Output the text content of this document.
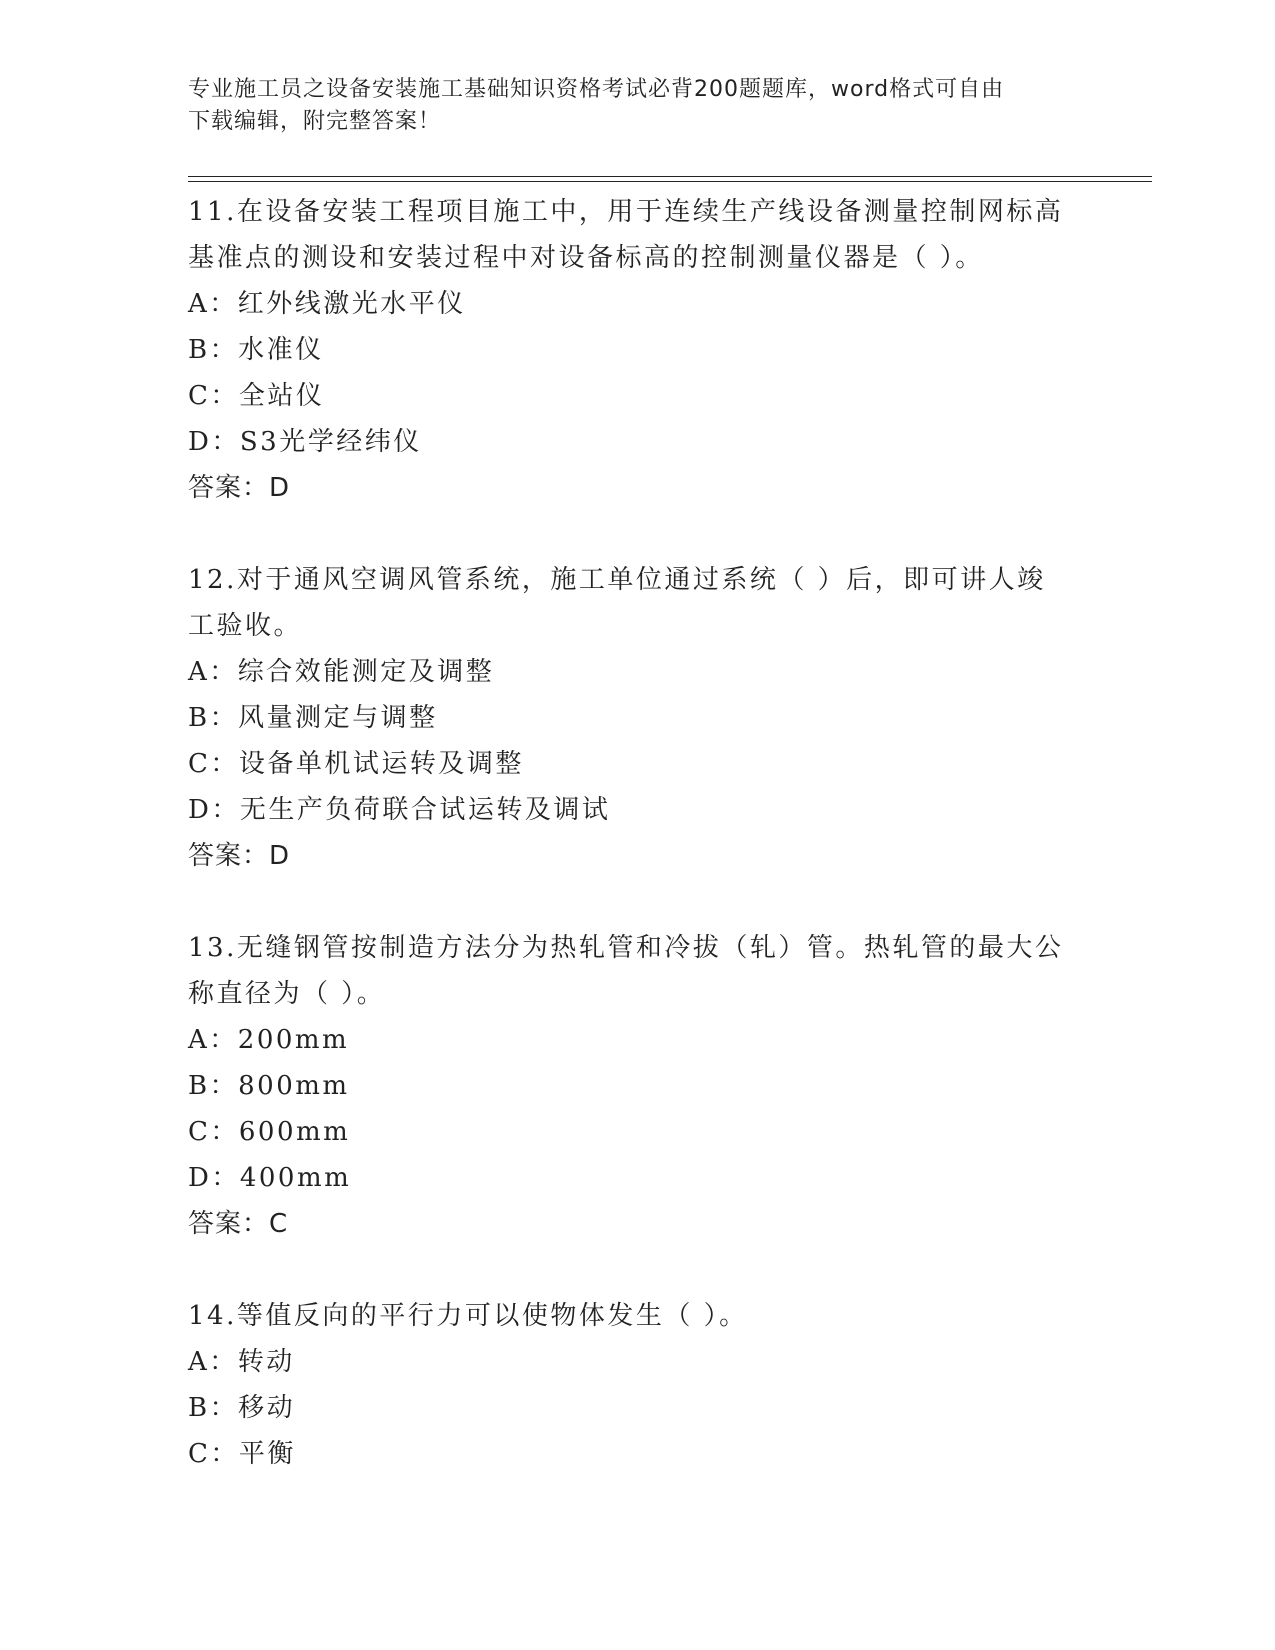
专业施工员之设备安装施工基础知识资格考试必背200题题库，word格式可自由
下载编辑，附完整答案！
11.在设备安装工程项目施工中，用于连续生产线设备测量控制网标高
基准点的测设和安装过程中对设备标高的控制测量仪器是（ ）。
A：红外线激光水平仪
B：水准仪
C：全站仪
D：S3光学经纬仪
答案：D
12.对于通风空调风管系统，施工单位通过系统（ ）后，即可讲人竣
工验收。
A：综合效能测定及调整
B：风量测定与调整
C：设备单机试运转及调整
D：无生产负荷联合试运转及调试
答案：D
13.无缝钢管按制造方法分为热轧管和冷拔（轧）管。热轧管的最大公
称直径为（ ）。
A：200mm
B：800mm
C：600mm
D：400mm
答案：C
14.等值反向的平行力可以使物体发生（ ）。
A：转动
B：移动
C：平衡
